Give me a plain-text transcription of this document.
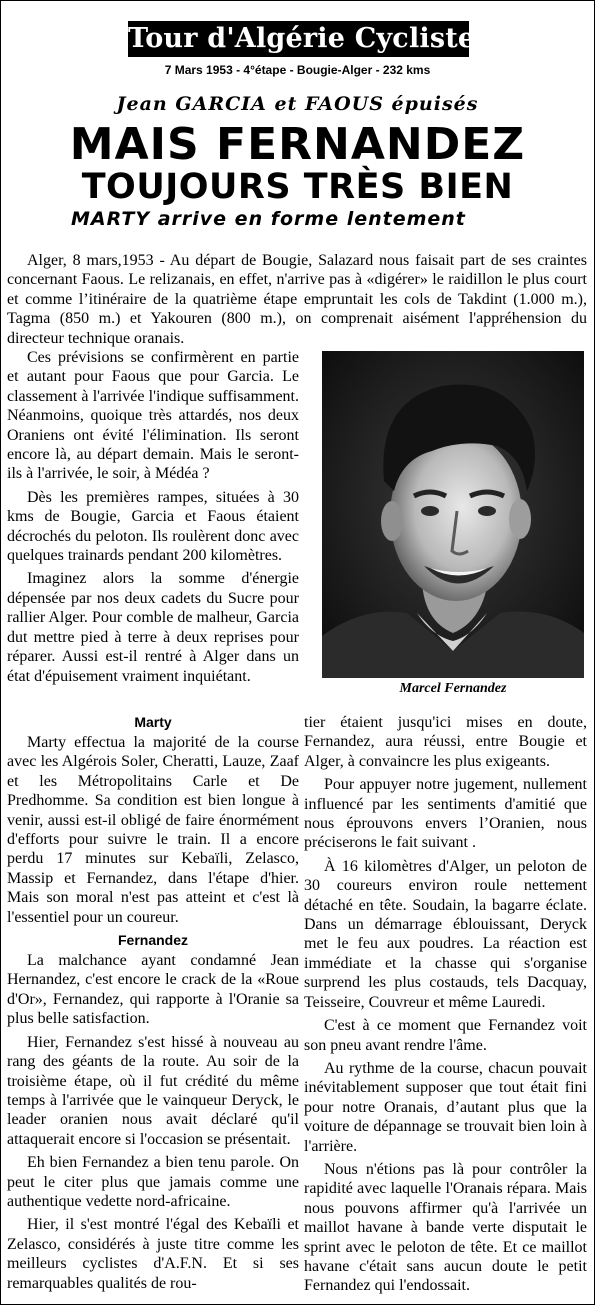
Tour d'Algérie Cycliste
7 Mars 1953 - 4°étape - Bougie-Alger - 232 kms
Jean GARCIA et FAOUS épuisés
MAIS FERNANDEZ
TOUJOURS TRÈS BIEN
MARTY arrive en forme lentement

Alger, 8 mars,1953 - Au départ de Bougie, Salazard nous faisait part de ses craintes concernant Faous. Le relizanais, en effet, n'arrive pas à «digérer» le raidillon le plus court et comme l’itinéraire de la quatrième étape empruntait les cols de Takdint (1.000 m.), Tagma (850 m.) et Yakouren (800 m.), on comprenait aisément l'appréhension du directeur technique oranais.

Ces prévisions se confirmèrent en partie et autant pour Faous que pour Garcia. Le classement à l'arrivée l'indique suffisamment. Néanmoins, quoique très attardés, nos deux Oraniens ont évité l'élimination. Ils seront encore là, au départ demain. Mais le seront-ils à l'arrivée, le soir, à Médéa ?

Dès les premières rampes, situées à 30 kms de Bougie, Garcia et Faous étaient décrochés du peloton. Ils roulèrent donc avec quelques trainards pendant 200 kilomètres.

Imaginez alors la somme d'énergie dépensée par nos deux cadets du Sucre pour rallier Alger. Pour comble de malheur, Garcia dut mettre pied à terre à deux reprises pour réparer. Aussi est-il rentré à Alger dans un état d'épuisement vraiment inquiétant.

Marcel Fernandez
Marty

Marty effectua la majorité de la course avec les Algérois Soler, Cheratti, Lauze, Zaaf et les Métropolitains Carle et De Predhomme. Sa condition est bien longue à venir, aussi est-il obligé de faire énormément d'efforts pour suivre le train. Il a encore perdu 17 minutes sur Kebaïli, Zelasco, Massip et Fernandez, dans l'étape d'hier. Mais son moral n'est pas atteint et c'est là l'essentiel pour un coureur.

Fernandez

La malchance ayant condamné Jean Hernandez, c'est encore le crack de la «Roue d'Or», Fernandez, qui rapporte à l'Oranie sa plus belle satisfaction.

Hier, Fernandez s'est hissé à nouveau au rang des géants de la route. Au soir de la troisième étape, où il fut crédité du même temps à l'arrivée que le vainqueur Deryck, le leader oranien nous avait déclaré qu'il attaquerait encore si l'occasion se présentait.

Eh bien Fernandez a bien tenu parole. On peut le citer plus que jamais comme une authentique vedette nord-africaine.

Hier, il s'est montré l'égal des Kebaïli et Zelasco, considérés à juste titre comme les meilleurs cyclistes d'A.F.N. Et si ses remarquables qualités de rou-

tier étaient jusqu'ici mises en doute, Fernandez, aura réussi, entre Bougie et Alger, à convaincre les plus exigeants.

Pour appuyer notre jugement, nullement influencé par les sentiments d'amitié que nous éprouvons envers l’Oranien, nous préciserons le fait suivant .

À 16 kilomètres d'Alger, un peloton de 30 coureurs environ roule nettement détaché en tête. Soudain, la bagarre éclate. Dans un démarrage éblouissant, Deryck met le feu aux poudres. La réaction est immédiate et la chasse qui s'organise surprend les plus costauds, tels Dacquay, Teisseire, Couvreur et même Lauredi.

C'est à ce moment que Fernandez voit son pneu avant rendre l'âme.

Au rythme de la course, chacun pouvait inévitablement supposer que tout était fini pour notre Oranais, d’autant plus que la voiture de dépannage se trouvait bien loin à l'arrière.

Nous n'étions pas là pour contrôler la rapidité avec laquelle l'Oranais répara. Mais nous pouvons affirmer qu'à l'arrivée un maillot havane à bande verte disputait le sprint avec le peloton de tête. Et ce maillot havane c'était sans aucun doute le petit Fernandez qui l'endossait.
